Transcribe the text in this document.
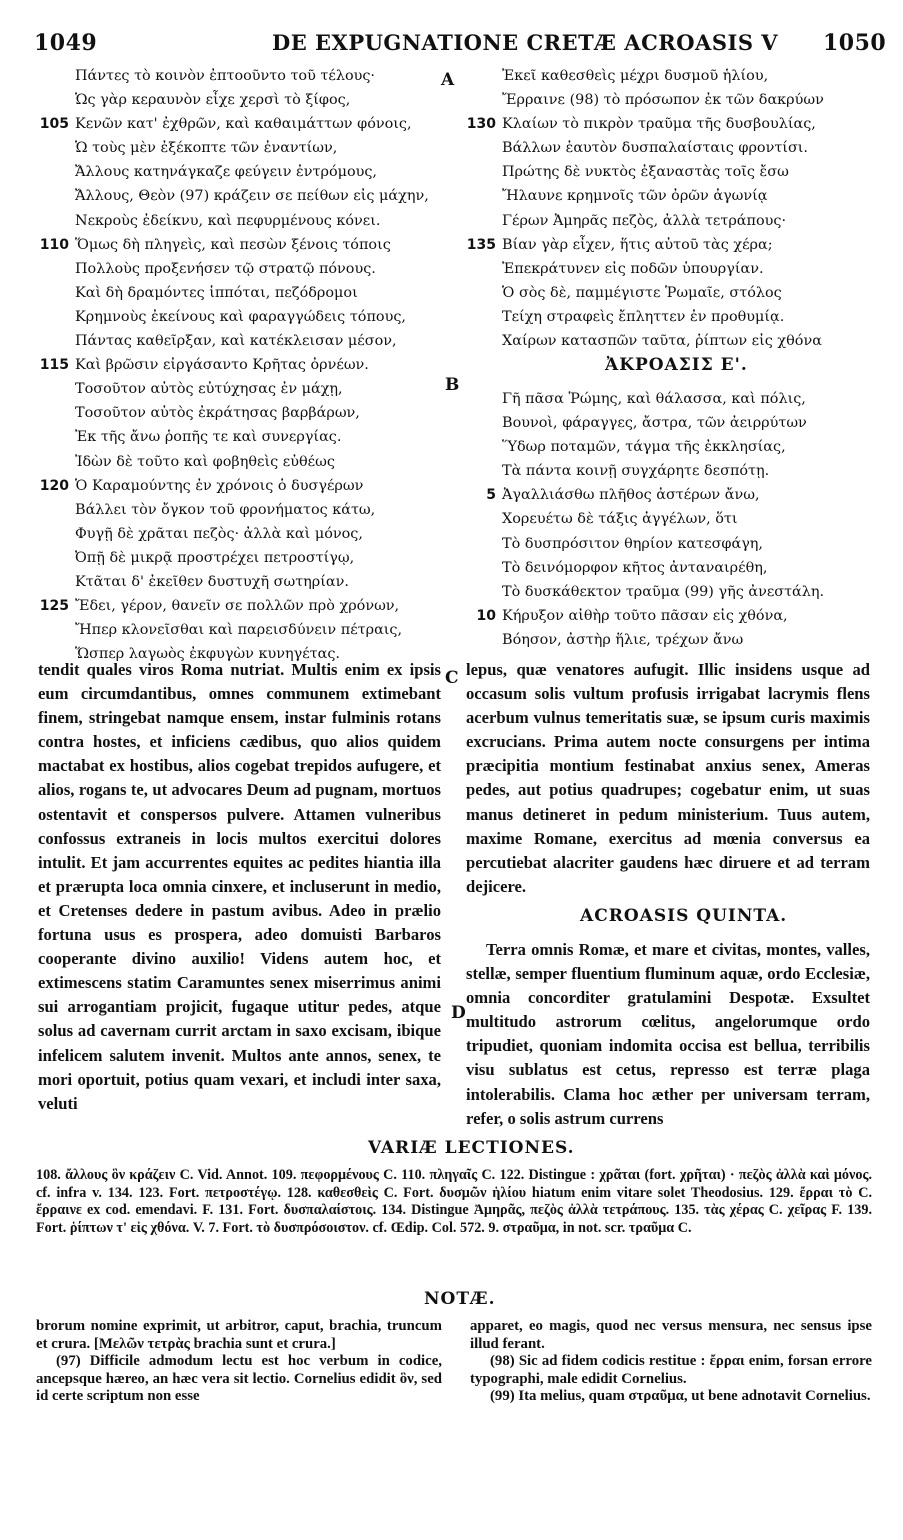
1049	DE EXPUGNATIONE CRETÆ ACROASIS V 1050
A
B
C
D
Πάντες τὸ κοινὸν ἐπτοοῦντο τοῦ τέλους·
Ὡς γὰρ κεραυνὸν εἶχε χερσὶ τὸ ξίφος,
105 Κενῶν κατ' ἐχθρῶν, καὶ καθαιμάττων φόνοις,
Ὡ τοὺς μὲν ἐξέκοπτε τῶν ἐναντίων,
Ἄλλους κατηνάγκαζε φεύγειν ἐντρόμους,
Ἄλλους, Θεὸν (97) κράζειν σε πείθων εἰς μάχην,
Νεκροὺς ἐδείκνυ, καὶ πεφυρμένους κόνει.
110 Ὅμως δὴ πληγεὶς, καὶ πεσὼν ξένοις τόποις
Πολλοὺς προξενήσεν τῷ στρατῷ πόνους.
Καὶ δὴ δραμόντες ἱππόται, πεζόδρομοι
Κρημνοὺς ἐκείνους καὶ φαραγγώδεις τόπους,
Πάντας καθεῖρξαν, καὶ κατέκλεισαν μέσον,
115 Καὶ βρῶσιν εἰργάσαντο Κρῆτας ὀρνέων.
Τοσοῦτον αὐτὸς εὐτύχησας ἐν μάχῃ,
Τοσοῦτον αὐτὸς ἐκράτησας βαρβάρων,
Ἐκ τῆς ἄνω ῥοπῆς τε καὶ συνεργίας.
Ἰδὼν δὲ τοῦτο καὶ φοβηθεὶς εὐθέως
120 Ὁ Καραμούντης ἐν χρόνοις ὁ δυσγέρων
Βάλλει τὸν ὄγκον τοῦ φρονήματος κάτω,
Φυγῇ δὲ χρᾶται πεζὸς· ἀλλὰ καὶ μόνος,
Ὀπῇ δὲ μικρᾷ προστρέχει πετροστίγῳ,
Κτᾶται δ' ἐκεῖθεν δυστυχῆ σωτηρίαν.
125 Ἔδει, γέρον, θανεῖν σε πολλῶν πρὸ χρόνων,
Ἤπερ κλονεῖσθαι καὶ παρεισδύνειν πέτραις,
Ὥσπερ λαγωὸς ἐκφυγὼν κυνηγέτας.
Ἐκεῖ καθεσθεὶς μέχρι δυσμοῦ ἡλίου,
Ἔρραινε (98) τὸ πρόσωπον ἐκ τῶν δακρύων
130 Κλαίων τὸ πικρὸν τραῦμα τῆς δυσβουλίας,
Βάλλων ἑαυτὸν δυσπαλαίσταις φροντίσι.
Πρώτης δὲ νυκτὸς ἐξαναστὰς τοῖς ἔσω
Ἤλαυνε κρημνοῖς τῶν ὀρῶν ἀγωνίᾳ
Γέρων Ἀμηρᾶς πεζὸς, ἀλλὰ τετράπους·
135 Βίαν γὰρ εἶχεν, ἥτις αὐτοῦ τὰς χέρα;
Ἐπεκράτυνεν εἰς ποδῶν ὑπουργίαν.
Ὁ σὸς δὲ, παμμέγιστε Ῥωμαῖε, στόλος
Τείχη στραφεὶς ἔπληττεν ἐν προθυμίᾳ.
Χαίρων κατασπῶν ταῦτα, ῥίπτων εἰς χθόνα
ἈΚΡΟΑΣΙΣ Ε'.
Γῆ πᾶσα Ῥώμης, καὶ θάλασσα, καὶ πόλις,
Βουνοὶ, φάραγγες, ἄστρα, τῶν ἀειρρύτων
Ὕδωρ ποταμῶν, τάγμα τῆς ἐκκλησίας,
Τὰ πάντα κοινῇ συγχάρητε δεσπότῃ.
5 Ἀγαλλιάσθω πλῆθος ἀστέρων ἄνω,
Χορευέτω δὲ τάξις ἀγγέλων, ὅτι
Τὸ δυσπρόσιτον θηρίον κατεσφάγη,
Τὸ δεινόμορφον κῆτος ἀνταναιρέθη,
Τὸ δυσκάθεκτον τραῦμα (99) γῆς ἀνεστάλη.
10 Κήρυξον αἰθὴρ τοῦτο πᾶσαν εἰς χθόνα,
Βόησον, ἀστὴρ ἥλιε, τρέχων ἄνω

tendit quales viros Roma nutriat. Multis enim ex ipsis eum circumdantibus, omnes communem extimebant finem, stringebat namque ensem, instar fulminis rotans contra hostes, et inficiens cædibus, quo alios quidem mactabat ex hostibus, alios cogebat trepidos aufugere, et alios, rogans te, ut advocares Deum ad pugnam, mortuos ostentavit et conspersos pulvere. Attamen vulneribus confossus extraneis in locis multos exercitui dolores intulit. Et jam accurrentes equites ac pedites hiantia illa et prærupta loca omnia cinxere, et incluserunt in medio, et Cretenses dedere in pastum avibus. Adeo in prælio fortuna usus es prospera, adeo domuisti Barbaros cooperante divino auxilio! Videns autem hoc, et extimescens statim Caramuntes senex miserrimus animi sui arrogantiam projicit, fugaque utitur pedes, atque solus ad cavernam currit arctam in saxo excisam, ibique infelicem salutem invenit. Multos ante annos, senex, te mori oportuit, potius quam vexari, et includi inter saxa, veluti

lepus, quæ venatores aufugit. Illic insidens usque ad occasum solis vultum profusis irrigabat lacrymis flens acerbum vulnus temeritatis suæ, se ipsum curis maximis excrucians. Prima autem nocte consurgens per intima præcipitia montium festinabat anxius senex, Ameras pedes, aut potius quadrupes; cogebatur enim, ut suas manus detineret in pedum ministerium. Tuus autem, maxime Romane, exercitus ad mœnia conversus ea percutiebat alacriter gaudens hæc diruere et ad terram dejicere.

ACROASIS QUINTA.

Terra omnis Romæ, et mare et civitas, montes, valles, stellæ, semper fluentium fluminum aquæ, ordo Ecclesiæ, omnia concorditer gratulamini Despotæ. Exsultet multitudo astrorum cœlitus, angelorumque ordo tripudiet, quoniam indomita occisa est bellua, terribilis visu sublatus est cetus, represso est terræ plaga intolerabilis. Clama hoc æther per universam terram, refer, o solis astrum currens

VARIÆ LECTIONES.
108. ἄλλους ὃν κράζειν C. Vid. Annot. 109. πεφορμένους C. 110. πληγαῖς C. 122. Distingue : χρᾶται (fort. χρῆται) · πεζὸς ἀλλὰ καὶ μόνος. cf. infra v. 134. 123. Fort. πετροστέγῳ. 128. καθεσθεὶς C. Fort. δυσμῶν ἡλίου hiatum enim vitare solet Theodosius. 129. ἔρραι τὸ C. ἔρραινε ex cod. emendavi. F. 131. Fort. δυσπαλαίστοις. 134. Distingue Ἀμηρᾶς, πεζὸς ἀλλὰ τετράπους. 135. τὰς χέρας C. χεῖρας F. 139. Fort. ῥίπτων τ' εἰς χθόνα. V. 7. Fort. τὸ δυσπρόσοιστον. cf. Œdip. Col. 572. 9. στραῦμα, in not. scr. τραῦμα C.
NOTÆ.

brorum nomine exprimit, ut arbitror, caput, brachia, truncum et crura. [Μελῶν τετρὰς brachia sunt et crura.]

(97) Difficile admodum lectu est hoc verbum in codice, ancepsque hæreo, an hæc vera sit lectio. Cornelius edidit ὃν, sed id certe scriptum non esse

apparet, eo magis, quod nec versus mensura, nec sensus ipse illud ferant.

(98) Sic ad fidem codicis restitue : ἔρραι enim, forsan errore typographi, male edidit Cornelius.

(99) Ita melius, quam στραῦμα, ut bene adnotavit Cornelius.
